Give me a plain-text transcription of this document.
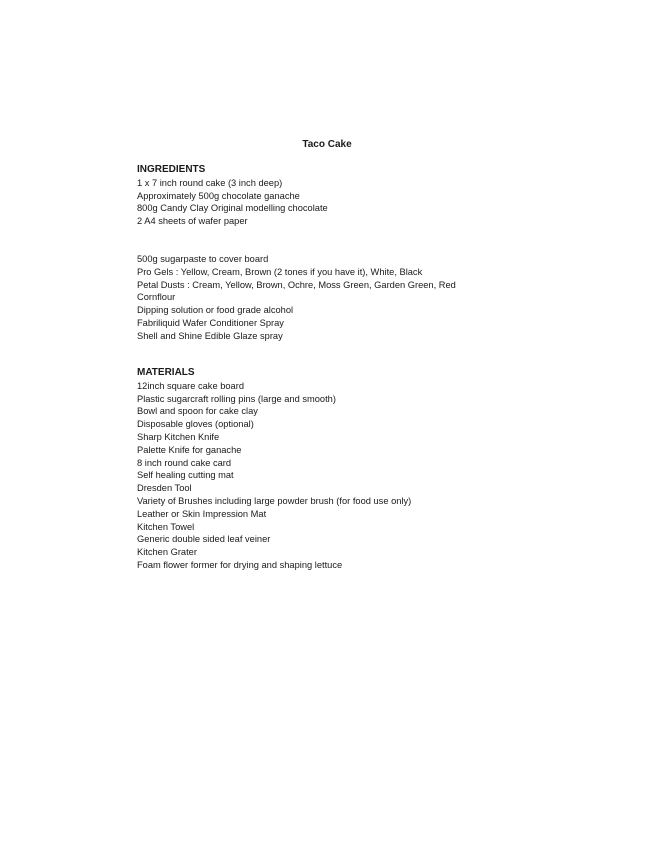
Taco Cake

INGREDIENTS

1 x 7 inch round cake (3 inch deep)
Approximately 500g chocolate ganache
800g Candy Clay Original modelling chocolate
2 A4 sheets of wafer paper
500g sugarpaste to cover board
Pro Gels : Yellow, Cream, Brown (2 tones if you have it), White, Black
Petal Dusts : Cream, Yellow, Brown, Ochre, Moss Green, Garden Green, Red
Cornflour
Dipping solution or food grade alcohol
Fabriliquid Wafer Conditioner Spray
Shell and Shine Edible Glaze spray

MATERIALS

12inch square cake board
Plastic sugarcraft rolling pins (large and smooth)
Bowl and spoon for cake clay
Disposable gloves (optional)
Sharp Kitchen Knife
Palette Knife for ganache
8 inch round cake card
Self healing cutting mat
Dresden Tool
Variety of Brushes including large powder brush (for food use only)
Leather or Skin Impression Mat
Kitchen Towel
Generic double sided leaf veiner
Kitchen Grater
Foam flower former for drying and shaping lettuce
